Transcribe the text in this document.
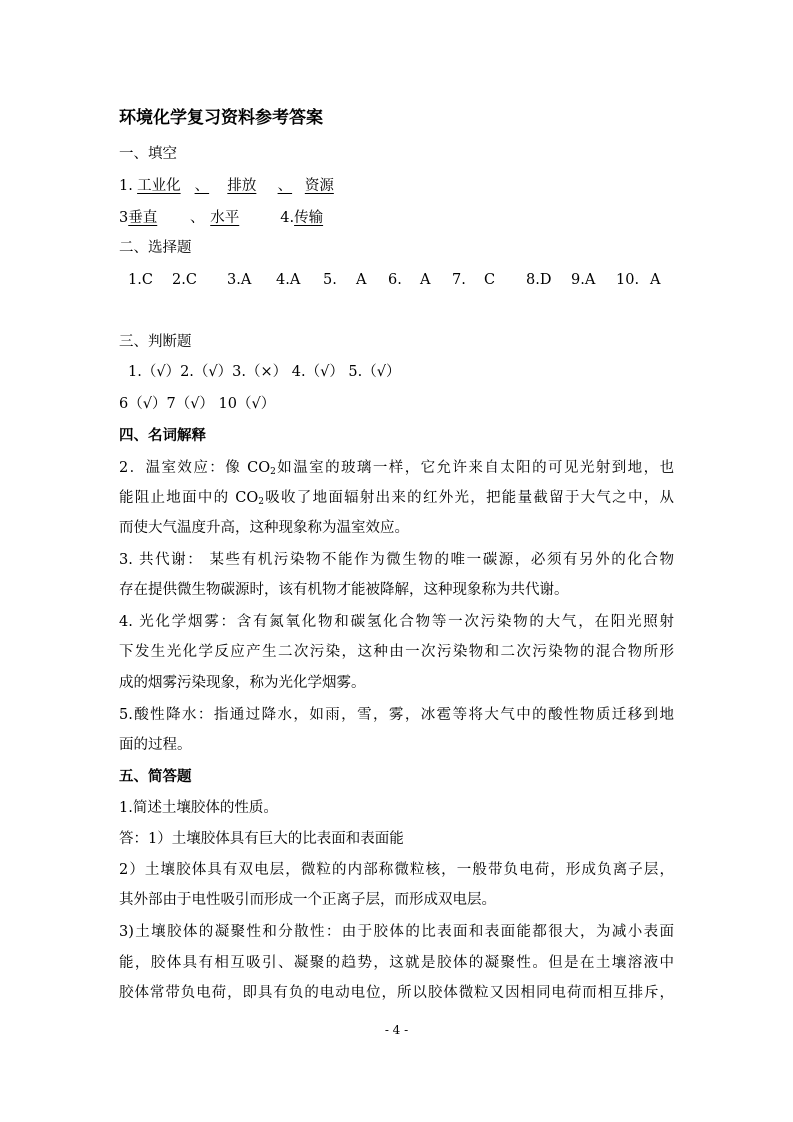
环境化学复习资料参考答案
一、填空
1. 工业化 、 排放 、 资源
3垂直 、 水平	4.传输
二、选择题
1.C 2.C 3.A 4.A 5. A 6. A 7. C 8.D 9.A 10. A
三、判断题
1.（√）2.（√）3.（×） 4.（√） 5.（√）
6（√）7（√） 10（√）
四、名词解释
2．温室效应：像 $CO_2$如温室的玻璃一样，它允许来自太阳的可见光射到地，也
能阻止地面中的 $CO_2$吸收了地面辐射出来的红外光，把能量截留于大气之中，从
而使大气温度升高，这种现象称为温室效应。
3. 共代谢： 某些有机污染物不能作为微生物的唯一碳源，必须有另外的化合物
存在提供微生物碳源时，该有机物才能被降解，这种现象称为共代谢。
4. 光化学烟雾：含有氮氧化物和碳氢化合物等一次污染物的大气，在阳光照射
下发生光化学反应产生二次污染，这种由一次污染物和二次污染物的混合物所形
成的烟雾污染现象，称为光化学烟雾。
5.酸性降水：指通过降水，如雨，雪，雾，冰雹等将大气中的酸性物质迁移到地
面的过程。
五、简答题
1.简述土壤胶体的性质。
答：1）土壤胶体具有巨大的比表面和表面能
2）土壤胶体具有双电层，微粒的内部称微粒核，一般带负电荷，形成负离子层，
其外部由于电性吸引而形成一个正离子层，而形成双电层。
3)土壤胶体的凝聚性和分散性：由于胶体的比表面和表面能都很大，为减小表面
能，胶体具有相互吸引、凝聚的趋势，这就是胶体的凝聚性。但是在土壤溶液中
胶体常带负电荷，即具有负的电动电位，所以胶体微粒又因相同电荷而相互排斥，
- 4 -
